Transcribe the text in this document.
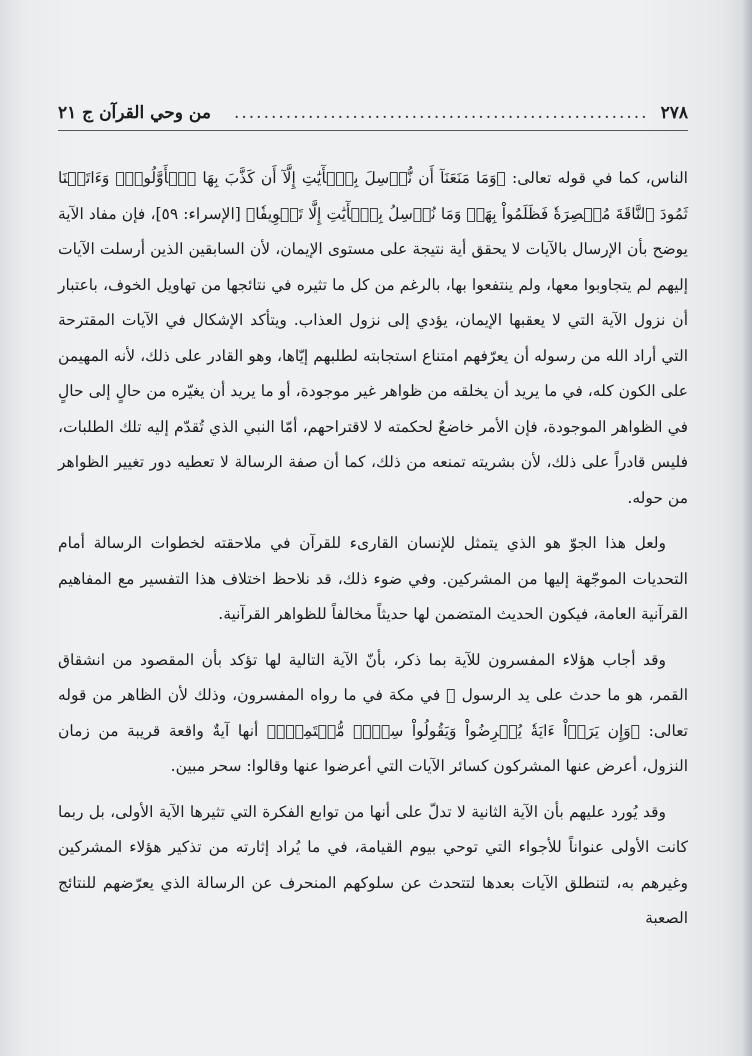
٢٧٨
........................................................
من وحي القرآن ج ٢١

الناس، كما في قوله تعالى: ﴿وَمَا مَنَعَنَآ أَن نُّرۡسِلَ بِٱلۡأٓيَٰتِ إِلَّآ أَن كَذَّبَ بِهَا ٱلۡأَوَّلُونَۚ وَءَاتَيۡنَا ثَمُودَ ٱلنَّاقَةَ مُبۡصِرَةٗ فَظَلَمُواْ بِهَاۚ وَمَا نُرۡسِلُ بِٱلۡأٓيَٰتِ إِلَّا تَخۡوِيفٗا﴾ [الإسراء: ٥٩]، فإن مفاد الآية يوضح بأن الإرسال بالآيات لا يحقق أية نتيجة على مستوى الإيمان، لأن السابقين الذين أرسلت الآيات إليهم لم يتجاوبوا معها، ولم ينتفعوا بها، بالرغم من كل ما تثيره في نتائجها من تهاويل الخوف، باعتبار أن نزول الآية التي لا يعقبها الإيمان، يؤدي إلى نزول العذاب. ويتأكد الإشكال في الآيات المقترحة التي أراد الله من رسوله أن يعرّفهم امتناع استجابته لطلبهم إيّاها، وهو القادر على ذلك، لأنه المهيمن على الكون كله، في ما يريد أن يخلقه من ظواهر غير موجودة، أو ما يريد أن يغيّره من حالٍ إلى حالٍ في الظواهر الموجودة، فإن الأمر خاضعٌ لحكمته لا لاقتراحهم، أمّا النبي الذي تُقدّم إليه تلك الطلبات، فليس قادراً على ذلك، لأن بشريته تمنعه من ذلك، كما أن صفة الرسالة لا تعطيه دور تغيير الظواهر من حوله.

ولعل هذا الجوّ هو الذي يتمثل للإنسان القارىء للقرآن في ملاحقته لخطوات الرسالة أمام التحديات الموجّهة إليها من المشركين. وفي ضوء ذلك، قد نلاحظ اختلاف هذا التفسير مع المفاهيم القرآنية العامة، فيكون الحديث المتضمن لها حديثاً مخالفاً للظواهر القرآنية.

وقد أجاب هؤلاء المفسرون للآية بما ذكر، بأنّ الآية التالية لها تؤكد بأن المقصود من انشقاق القمر، هو ما حدث على يد الرسول ﷺ في مكة في ما رواه المفسرون، وذلك لأن الظاهر من قوله تعالى: ﴿وَإِن يَرَوۡاْ ءَايَةٗ يُعۡرِضُواْ وَيَقُولُواْ سِحۡرٞ مُّسۡتَمِرّٞ﴾ أنها آيةٌ واقعة قريبة من زمان النزول، أعرض عنها المشركون كسائر الآيات التي أعرضوا عنها وقالوا: سحر مبين.

وقد يُورد عليهم بأن الآية الثانية لا تدلّ على أنها من توابع الفكرة التي تثيرها الآية الأولى، بل ربما كانت الأولى عنواناً للأجواء التي توحي بيوم القيامة، في ما يُراد إثارته من تذكير هؤلاء المشركين وغيرهم به، لتنطلق الآيات بعدها لتتحدث عن سلوكهم المنحرف عن الرسالة الذي يعرّضهم للنتائج الصعبة
